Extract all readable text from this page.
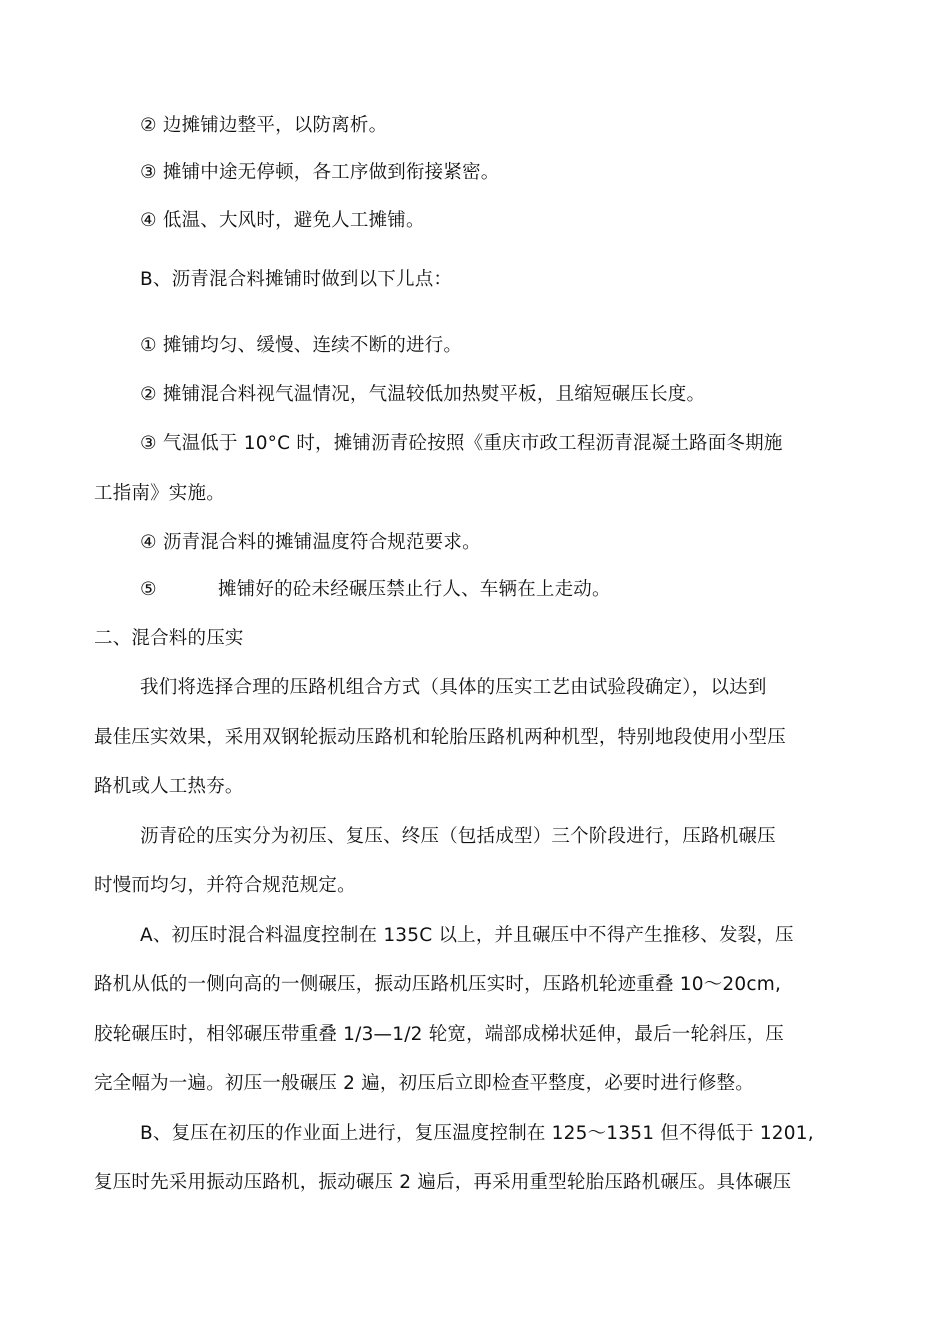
② 边摊铺边整平，以防离析。
③ 摊铺中途无停顿，各工序做到衔接紧密。
④ 低温、大风时，避免人工摊铺。
B、沥青混合料摊铺时做到以下儿点：
① 摊铺均匀、缓慢、连续不断的进行。
② 摊铺混合料视气温情况，气温较低加热熨平板，且缩短碾压长度。
③ 气温低于 10°C 时，摊铺沥青砼按照《重庆市政工程沥青混凝土路面冬期施
工指南》实施。
④ 沥青混合料的摊铺温度符合规范要求。
⑤	摊铺好的砼未经碾压禁止行人、车辆在上走动。
二、混合料的压实
我们将选择合理的压路机组合方式（具体的压实工艺由试验段确定），以达到
最佳压实效果，采用双钢轮振动压路机和轮胎压路机两种机型，特别地段使用小型压
路机或人工热夯。
沥青砼的压实分为初压、复压、终压（包括成型）三个阶段进行，压路机碾压
时慢而均匀，并符合规范规定。
A、初压时混合料温度控制在 135C 以上，并且碾压中不得产生推移、发裂，压
路机从低的一侧向高的一侧碾压，振动压路机压实时，压路机轮迹重叠 10〜20cm,
胶轮碾压时，相邻碾压带重叠 1/3—1/2 轮宽，端部成梯状延伸，最后一轮斜压，压
完全幅为一遍。初压一般碾压 2 遍，初压后立即检查平整度，必要时进行修整。
B、复压在初压的作业面上进行，复压温度控制在 125〜1351 但不得低于 1201,
复压时先采用振动压路机，振动碾压 2 遍后，再采用重型轮胎压路机碾压。具体碾压
